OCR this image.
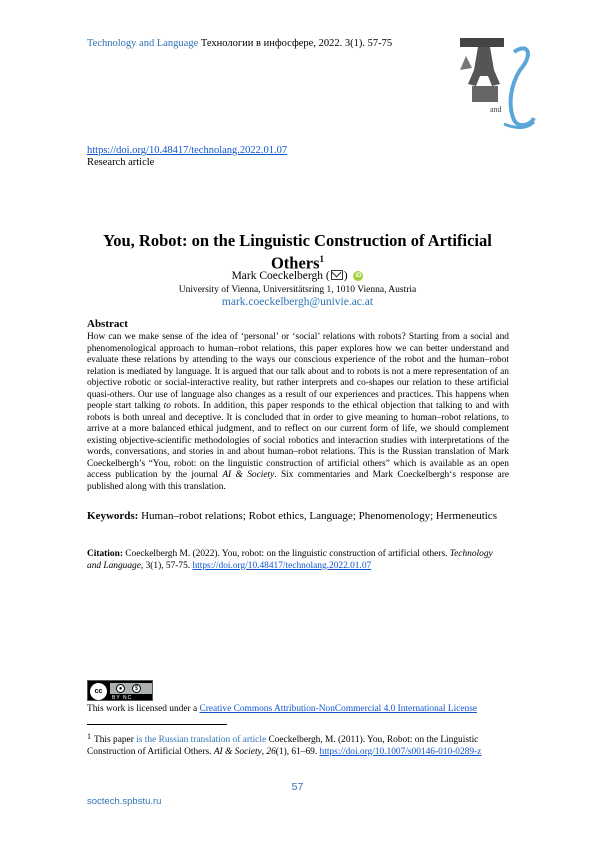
Technology and Language Технологии в инфосфере, 2022. 3(1). 57-75
and
https://doi.org/10.48417/technolang.2022.01.07
Research article
You, Robot: on the Linguistic Construction of Artificial Others$^1$
Mark Coeckelbergh ( ) iD
University of Vienna, Universitätsring 1, 1010 Vienna, Austria
mark.coeckelbergh@univie.ac.at
Abstract
How can we make sense of the idea of ‘personal’ or ‘social’ relations with robots? Starting from a social and phenomenological approach to human–robot relations, this paper explores how we can better understand and evaluate these relations by attending to the ways our conscious experience of the robot and the human–robot relation is mediated by language. It is argued that our talk about and to robots is not a mere representation of an objective robotic or social-interactive reality, but rather interprets and co-shapes our relation to these artificial quasi-others. Our use of language also changes as a result of our experiences and practices. This happens when people start talking to robots. In addition, this paper responds to the ethical objection that talking to and with robots is both unreal and deceptive. It is concluded that in order to give meaning to human–robot relations, to arrive at a more balanced ethical judgment, and to reflect on our current form of life, we should complement existing objective-scientific methodologies of social robotics and interaction studies with interpretations of the words, conversations, and stories in and about human–robot relations. This is the Russian translation of Mark Coeckelbergh’s “You, robot: on the linguistic construction of artificial others” which is available as an open access publication by the journal AI & Society. Six commentaries and Mark Coeckelbergh‘s response are published along with this translation.
Keywords: Human–robot relations; Robot ethics, Language; Phenomenology; Hermeneutics
Citation: Coeckelbergh M. (2022). You, robot: on the linguistic construction of artificial others. Technology and Language, 3(1), 57-75. https://doi.org/10.48417/technolang.2022.01.07
cc	●	$
BY NC
This work is licensed under a Creative Commons Attribution-NonCommercial 4.0 International License
1 This paper is the Russian translation of article Coeckelbergh, M. (2011). You, Robot: on the Linguistic Construction of Artificial Others. AI & Society, 26(1), 61–69. https://doi.org/10.1007/s00146-010-0289-z
57
soctech.spbstu.ru
